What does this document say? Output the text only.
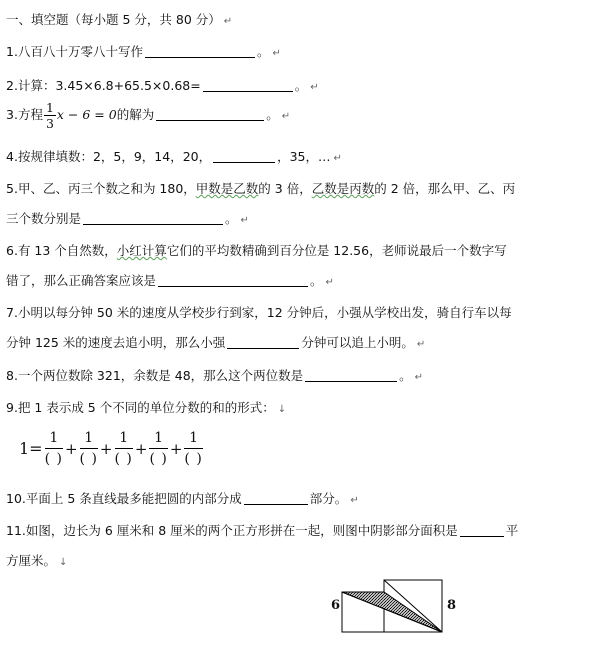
一、填空题（每小题 5 分，共 80 分） ↵
1.八百八十万零八十写作	。 ↵
2.计算：3.45×6.8+65.5×0.68=	。 ↵
3.方程 $\frac{1}{3}$ x − 6 = 0的解为	。 ↵
4.按规律填数：2，5，9，14，20，	，35，… ↵
5.甲、乙、丙三个数之和为 180，甲数是乙数的 3 倍，乙数是丙数的 2 倍，那么甲、乙、丙
三个数分别是	。 ↵
6.有 13 个自然数，小红计算它们的平均数精确到百分位是 12.56，老师说最后一个数字写
错了，那么正确答案应该是	。 ↵
7.小明以每分钟 50 米的速度从学校步行到家，12 分钟后，小强从学校出发，骑自行车以每
分钟 125 米的速度去追小明，那么小强	分钟可以追上小明。 ↵
8.一个两位数除 321，余数是 48，那么这个两位数是	。 ↵
9.把 1 表示成 5 个不同的单位分数的和的形式： ↓
$1= \frac{1}{( )} + \frac{1}{( )} + \frac{1}{( )} + \frac{1}{( )} + \frac{1}{( )}$
10.平面上 5 条直线最多能把圆的内部分成	部分。 ↵
11.如图，边长为 6 厘米和 8 厘米的两个正方形拼在一起，则图中阴影部分面积是	平
方厘米。 ↓
6	8
